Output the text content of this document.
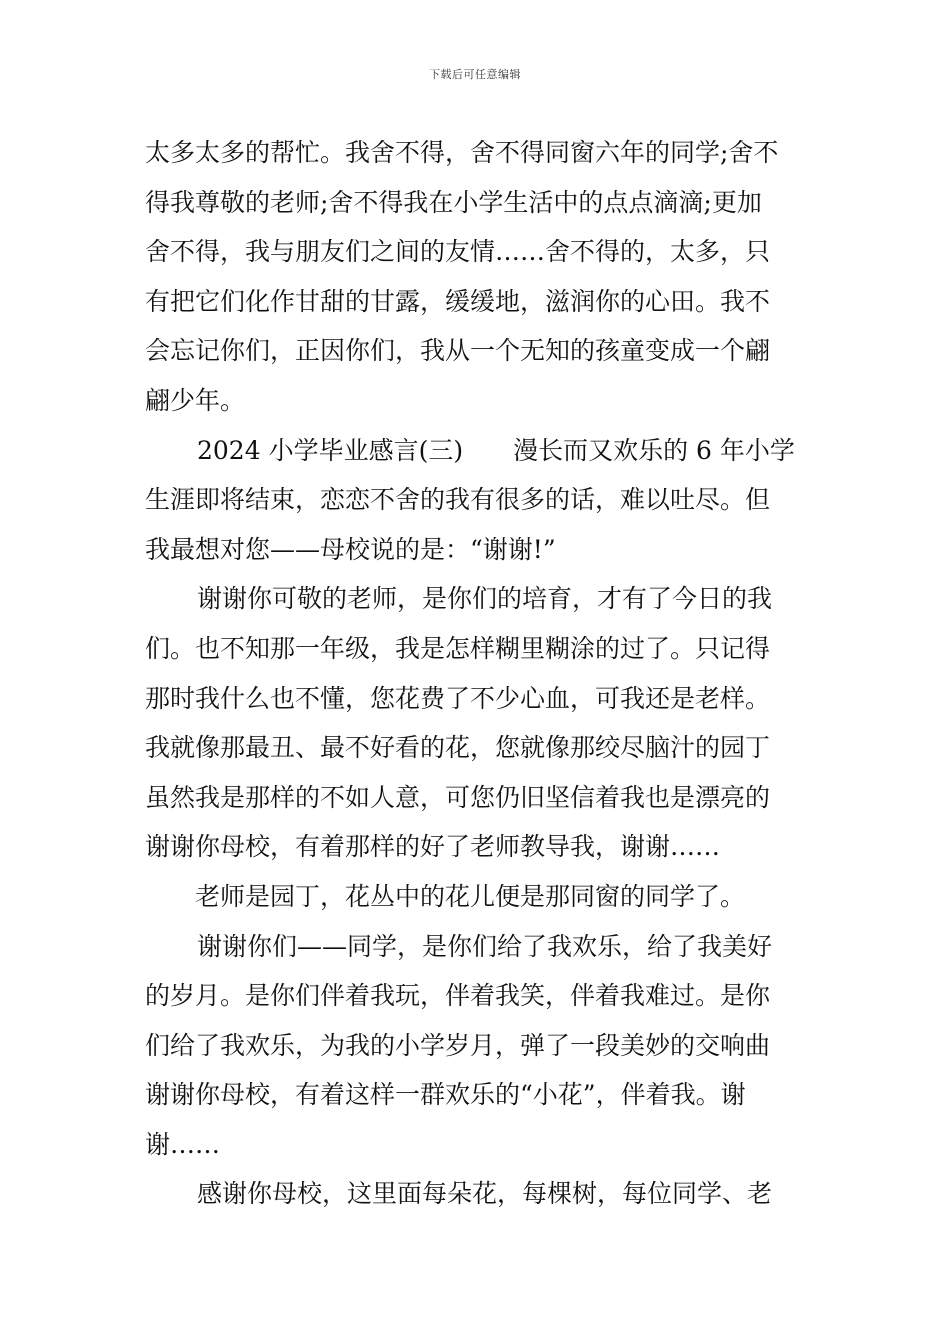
下载后可任意编辑
太多太多的帮忙。我舍不得，舍不得同窗六年的同学;舍不
得我尊敬的老师;舍不得我在小学生活中的点点滴滴;更加
舍不得，我与朋友们之间的友情……舍不得的，太多，只
有把它们化作甘甜的甘露，缓缓地，滋润你的心田。我不
会忘记你们，正因你们，我从一个无知的孩童变成一个翩
翩少年。
2024 小学毕业感言(三)　　漫长而又欢乐的 6 年小学
生涯即将结束，恋恋不舍的我有很多的话，难以吐尽。但
我最想对您——母校说的是：“谢谢!”
谢谢你可敬的老师，是你们的培育，才有了今日的我
们。也不知那一年级，我是怎样糊里糊涂的过了。只记得
那时我什么也不懂，您花费了不少心血，可我还是老样。
我就像那最丑、最不好看的花，您就像那绞尽脑汁的园丁
虽然我是那样的不如人意，可您仍旧坚信着我也是漂亮的
谢谢你母校，有着那样的好了老师教导我，谢谢……
老师是园丁，花丛中的花儿便是那同窗的同学了。
谢谢你们——同学，是你们给了我欢乐，给了我美好
的岁月。是你们伴着我玩，伴着我笑，伴着我难过。是你
们给了我欢乐，为我的小学岁月，弹了一段美妙的交响曲
谢谢你母校，有着这样一群欢乐的“小花”，伴着我。谢
谢……
感谢你母校，这里面每朵花，每棵树，每位同学、老
